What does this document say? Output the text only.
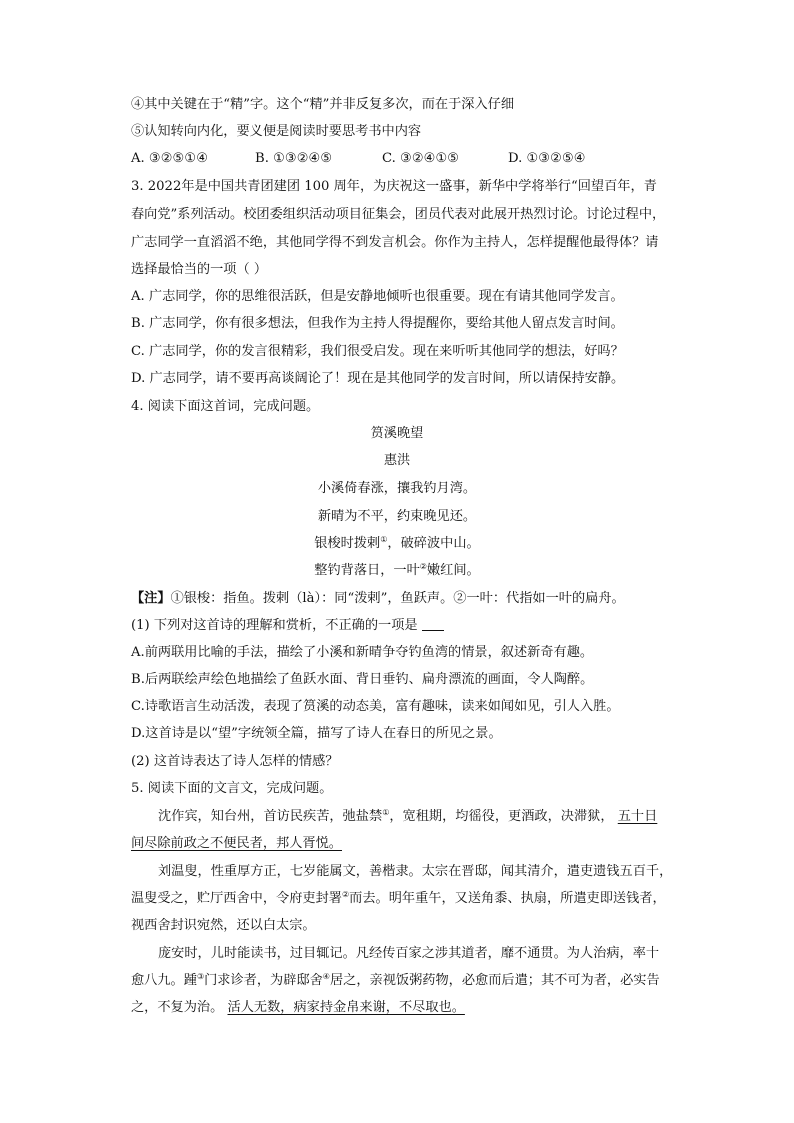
④其中关键在于“精”字。这个“精”并非反复多次，而在于深入仔细
⑤认知转向内化，要义便是阅读时要思考书中内容
A. ③②⑤①④	B. ①③②④⑤	C. ③②④①⑤	D. ①③②⑤④
3. 2022年是中国共青团建团 100 周年，为庆祝这一盛事，新华中学将举行“回望百年，青
春向党”系列活动。校团委组织活动项目征集会，团员代表对此展开热烈讨论。讨论过程中，
广志同学一直滔滔不绝，其他同学得不到发言机会。你作为主持人，怎样提醒他最得体？请
选择最恰当的一项（ ）
A. 广志同学，你的思维很活跃，但是安静地倾听也很重要。现在有请其他同学发言。
B. 广志同学，你有很多想法，但我作为主持人得提醒你，要给其他人留点发言时间。
C. 广志同学，你的发言很精彩，我们很受启发。现在来听听其他同学的想法，好吗？
D. 广志同学，请不要再高谈阔论了！现在是其他同学的发言时间，所以请保持安静。
4. 阅读下面这首词，完成问题。
筼溪晚望
惠洪
小溪倚春涨，攘我钓月湾。
新晴为不平，约束晚见还。
银梭时拨剌①，破碎波中山。
整钓背落日，一叶②嫩红间。
【注】①银梭：指鱼。拨剌（là）：同“泼剌”，鱼跃声。②一叶：代指如一叶的扁舟。
(1) 下列对这首诗的理解和赏析，不正确的一项是
A.前两联用比喻的手法，描绘了小溪和新晴争夺钓鱼湾的情景，叙述新奇有趣。
B.后两联绘声绘色地描绘了鱼跃水面、背日垂钓、扁舟漂流的画面，令人陶醉。
C.诗歌语言生动活泼，表现了筼溪的动态美，富有趣味，读来如闻如见，引人入胜。
D.这首诗是以“望”字统领全篇，描写了诗人在春日的所见之景。
(2) 这首诗表达了诗人怎样的情感？
5. 阅读下面的文言文，完成问题。
沈作宾，知台州，首访民疾苦，弛盐禁①，宽租期，均徭役，更酒政，决滞狱， 五十日
间尽除前政之不便民者，邦人胥悦。
刘温叟，性重厚方正，七岁能属文，善楷隶。太宗在晋邸，闻其清介，遣吏遗钱五百千，
温叟受之，贮厅西舍中，令府吏封署②而去。明年重午，又送角黍、执扇，所遣吏即送钱者，
视西舍封识宛然，还以白太宗。
庞安时，儿时能读书，过目辄记。凡经传百家之涉其道者，靡不通贯。为人治病，率十
愈八九。踵③门求诊者，为辟邸舍④居之，亲视饭粥药物，必愈而后遣；其不可为者，必实告
之，不复为治。 活人无数，病家持金帛来谢，不尽取也。
